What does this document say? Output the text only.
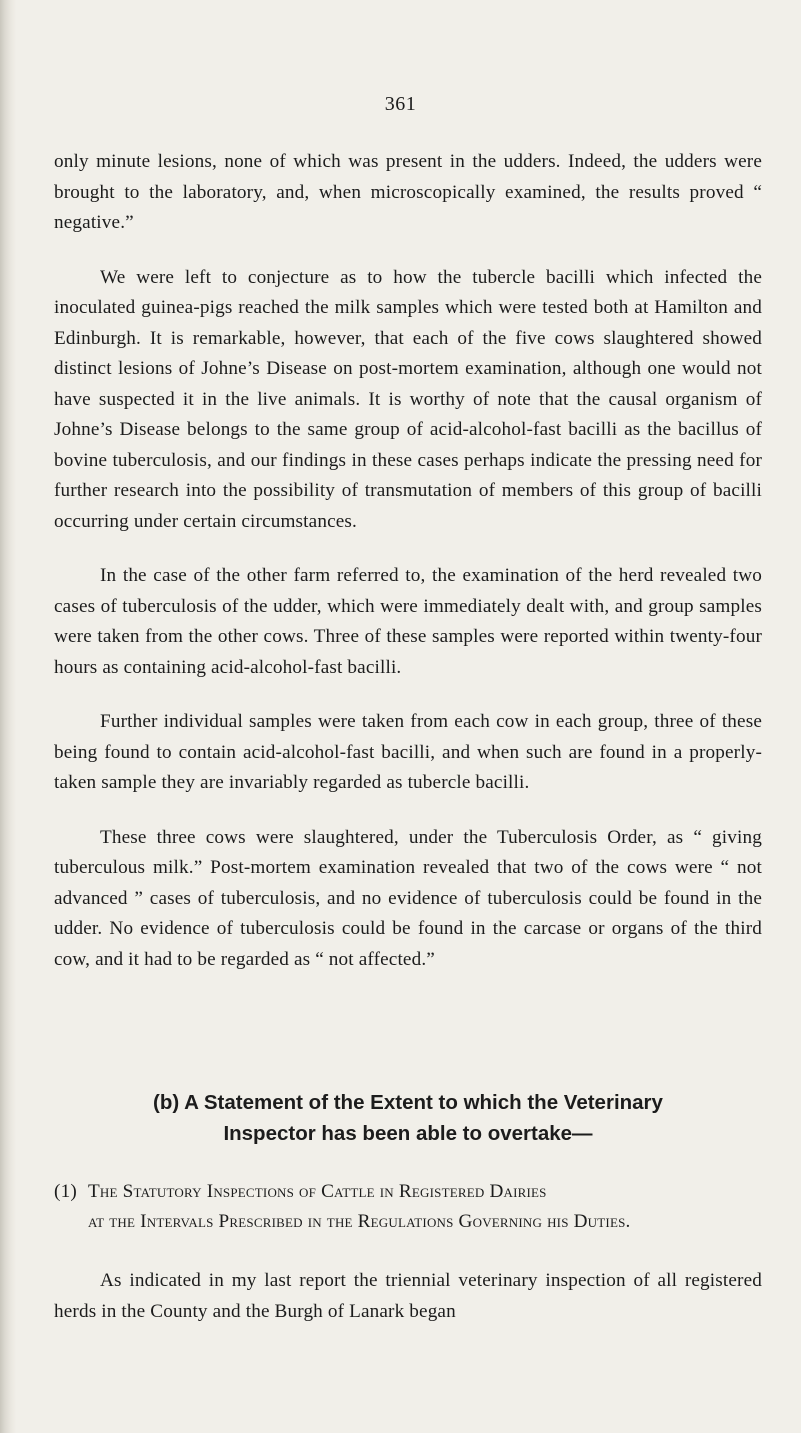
361

only minute lesions, none of which was present in the udders. Indeed, the udders were brought to the laboratory, and, when microscopically examined, the results proved “ negative.”

We were left to conjecture as to how the tubercle bacilli which infected the inoculated guinea-pigs reached the milk samples which were tested both at Hamilton and Edinburgh. It is remarkable, however, that each of the five cows slaughtered showed distinct lesions of Johne’s Disease on post-mortem examination, although one would not have suspected it in the live animals. It is worthy of note that the causal organism of Johne’s Disease belongs to the same group of acid-alcohol-fast bacilli as the bacillus of bovine tuberculosis, and our findings in these cases perhaps indicate the pressing need for further research into the possibility of transmutation of members of this group of bacilli occurring under certain circumstances.

In the case of the other farm referred to, the examination of the herd revealed two cases of tuberculosis of the udder, which were immediately dealt with, and group samples were taken from the other cows. Three of these samples were reported within twenty-four hours as containing acid-alcohol-fast bacilli.

Further individual samples were taken from each cow in each group, three of these being found to contain acid-alcohol-fast bacilli, and when such are found in a properly-taken sample they are invariably regarded as tubercle bacilli.

These three cows were slaughtered, under the Tuberculosis Order, as “ giving tuberculous milk.” Post-mortem examination revealed that two of the cows were “ not advanced ” cases of tuberculosis, and no evidence of tuberculosis could be found in the udder. No evidence of tuberculosis could be found in the carcase or organs of the third cow, and it had to be regarded as “ not affected.”

(b) A Statement of the Extent to which the Veterinary
Inspector has been able to overtake—
(1) The Statutory Inspections of Cattle in Registered Dairies
at the Intervals Prescribed in the Regulations Governing his Duties.

As indicated in my last report the triennial veterinary inspection of all registered herds in the County and the Burgh of Lanark began
